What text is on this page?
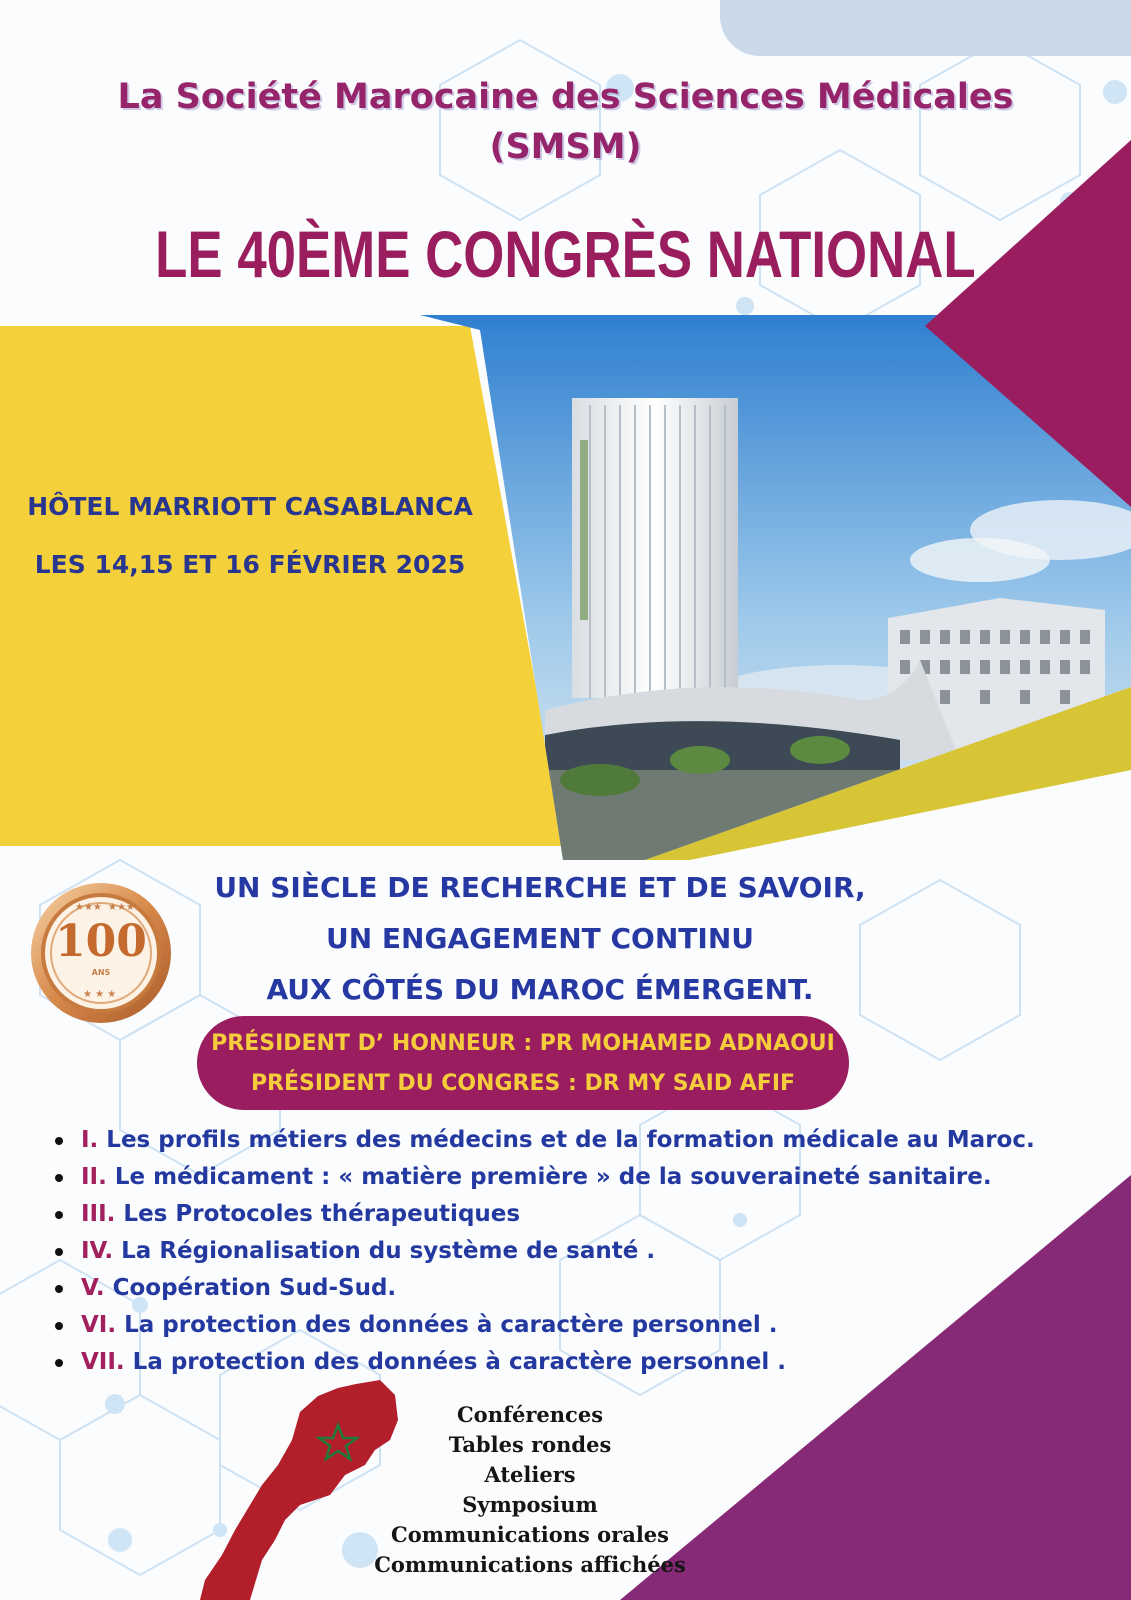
★★★ ★★★
★ ★ ★
100
ANS
La Société Marocaine des Sciences Médicales
(SMSM)
LE 40ÈME CONGRÈS NATIONAL
HÔTEL MARRIOTT CASABLANCA
LES 14,15 ET 16 FÉVRIER 2025
UN SIÈCLE DE RECHERCHE ET DE SAVOIR,
UN ENGAGEMENT CONTINU
AUX CÔTÉS DU MAROC ÉMERGENT.
PRÉSIDENT D’ HONNEUR : PR MOHAMED ADNAOUI
PRÉSIDENT DU CONGRES : DR MY SAID AFIF
I. Les profils métiers des médecins et de la formation médicale au Maroc.
II. Le médicament : « matière première » de la souveraineté sanitaire.
III. Les Protocoles thérapeutiques
IV. La Régionalisation du système de santé .
V. Coopération Sud-Sud.
VI. La protection des données à caractère personnel .
VII. La protection des données à caractère personnel .
Conférences
Tables rondes
Ateliers
Symposium
Communications orales
Communications affichées
